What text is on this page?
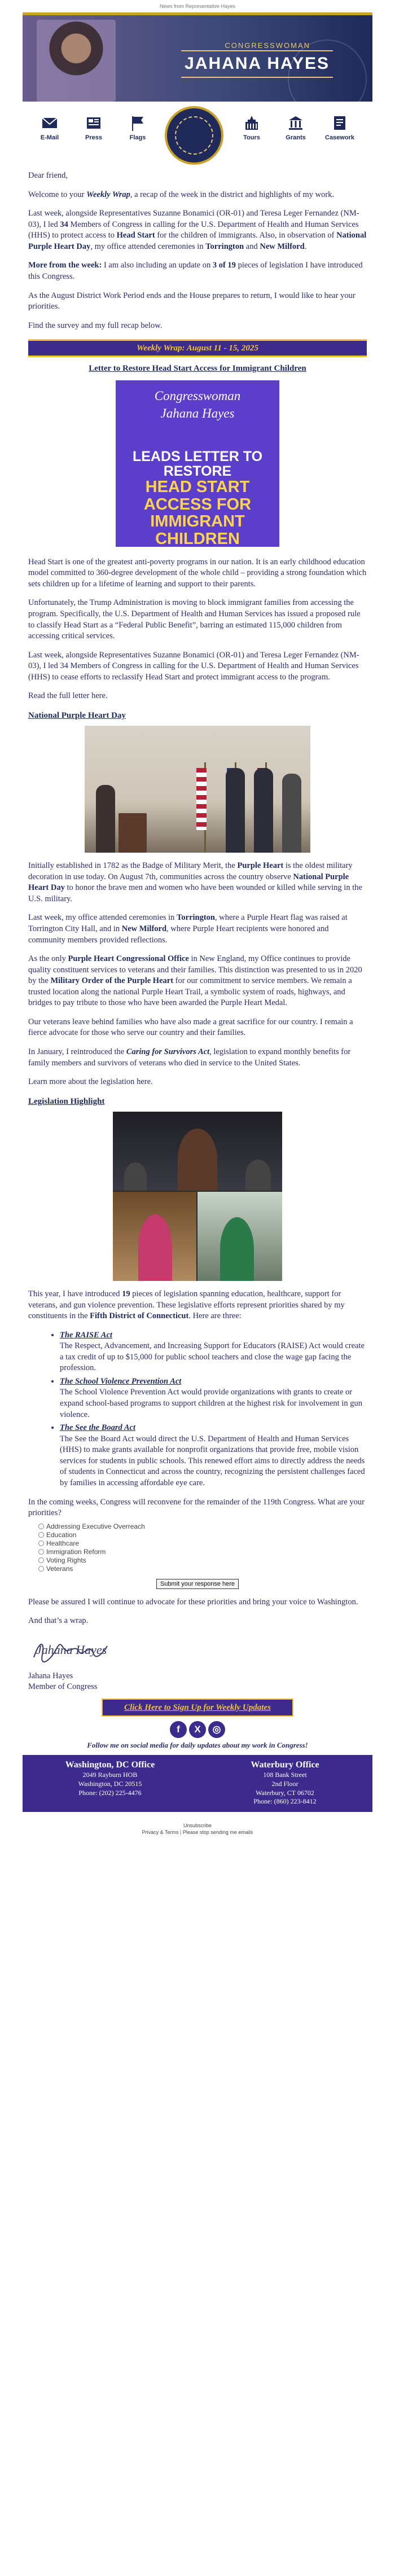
News from Representative Hayes
CONGRESSWOMAN
JAHANA HAYES
E-Mail	Press	Flags	Tours	Grants	Casework

Dear friend,

Welcome to your Weekly Wrap, a recap of the week in the district and highlights of my work.

Last week, alongside Representatives Suzanne Bonamici (OR-01) and Teresa Leger Fernandez (NM-03), I led 34 Members of Congress in calling for the U.S. Department of Health and Human Services (HHS) to protect access to Head Start for the children of immigrants. Also, in observation of National Purple Heart Day, my office attended ceremonies in Torrington and New Milford.

More from the week: I am also including an update on 3 of 19 pieces of legislation I have introduced this Congress.

As the August District Work Period ends and the House prepares to return, I would like to hear your priorities.

Find the survey and my full recap below.

Weekly Wrap: August 11 - 15, 2025
Letter to Restore Head Start Access for Immigrant Children
Congresswoman
Jahana Hayes
LEADS LETTER TO RESTORE
HEAD START ACCESS FOR IMMIGRANT CHILDREN

Head Start is one of the greatest anti-poverty programs in our nation. It is an early childhood education model committed to 360-degree development of the whole child – providing a strong foundation which sets children up for a lifetime of learning and support to their parents.

Unfortunately, the Trump Administration is moving to block immigrant families from accessing the program. Specifically, the U.S. Department of Health and Human Services has issued a proposed rule to classify Head Start as a “Federal Public Benefit”, barring an estimated 115,000 children from accessing critical services.

Last week, alongside Representatives Suzanne Bonamici (OR-01) and Teresa Leger Fernandez (NM-03), I led 34 Members of Congress in calling for the U.S. Department of Health and Human Services (HHS) to cease efforts to reclassify Head Start and protect immigrant access to the program.

Read the full letter here.

National Purple Heart Day

Initially established in 1782 as the Badge of Military Merit, the Purple Heart is the oldest military decoration in use today. On August 7th, communities across the country observe National Purple Heart Day to honor the brave men and women who have been wounded or killed while serving in the U.S. military.

Last week, my office attended ceremonies in Torrington, where a Purple Heart flag was raised at Torrington City Hall, and in New Milford, where Purple Heart recipients were honored and community members provided reflections.

As the only Purple Heart Congressional Office in New England, my Office continues to provide quality constituent services to veterans and their families. This distinction was presented to us in 2020 by the Military Order of the Purple Heart for our commitment to service members. We remain a trusted location along the national Purple Heart Trail, a symbolic system of roads, highways, and bridges to pay tribute to those who have been awarded the Purple Heart Medal.

Our veterans leave behind families who have also made a great sacrifice for our country. I remain a fierce advocate for those who serve our country and their families.

In January, I reintroduced the Caring for Survivors Act, legislation to expand monthly benefits for family members and survivors of veterans who died in service to the United States.

Learn more about the legislation here.

Legislation Highlight

This year, I have introduced 19 pieces of legislation spanning education, healthcare, support for veterans, and gun violence prevention. These legislative efforts represent priorities shared by my constituents in the Fifth District of Connecticut. Here are three:

• The RAISE Act
The Respect, Advancement, and Increasing Support for Educators (RAISE) Act would create a tax credit of up to $15,000 for public school teachers and close the wage gap facing the profession.
• The School Violence Prevention Act
The School Violence Prevention Act would provide organizations with grants to create or expand school-based programs to support children at the highest risk for involvement in gun violence.
• The See the Board Act
The See the Board Act would direct the U.S. Department of Health and Human Services (HHS) to make grants available for nonprofit organizations that provide free, mobile vision services for students in public schools. This renewed effort aims to directly address the needs of students in Connecticut and across the country, recognizing the persistent challenges faced by families in accessing affordable eye care.

In the coming weeks, Congress will reconvene for the remainder of the 119th Congress. What are your priorities?

Addressing Executive Overreach
Education
Healthcare
Immigration Reform
Voting Rights
Veterans
Submit your response here

Please be assured I will continue to advocate for these priorities and bring your voice to Washington.

And that’s a wrap.

Jahana Hayes
Jahana Hayes
Member of Congress
Click Here to Sign Up for Weekly Updates
f X ◎
Follow me on social media for daily updates about my work in Congress!
Washington, DC Office
2049 Rayburn HOB
Washington, DC 20515
Phone: (202) 225-4476
Waterbury Office
108 Bank Street
2nd Floor
Waterbury, CT 06702
Phone: (860) 223-8412
Unsubscribe
Privacy & Terms | Please stop sending me emails
